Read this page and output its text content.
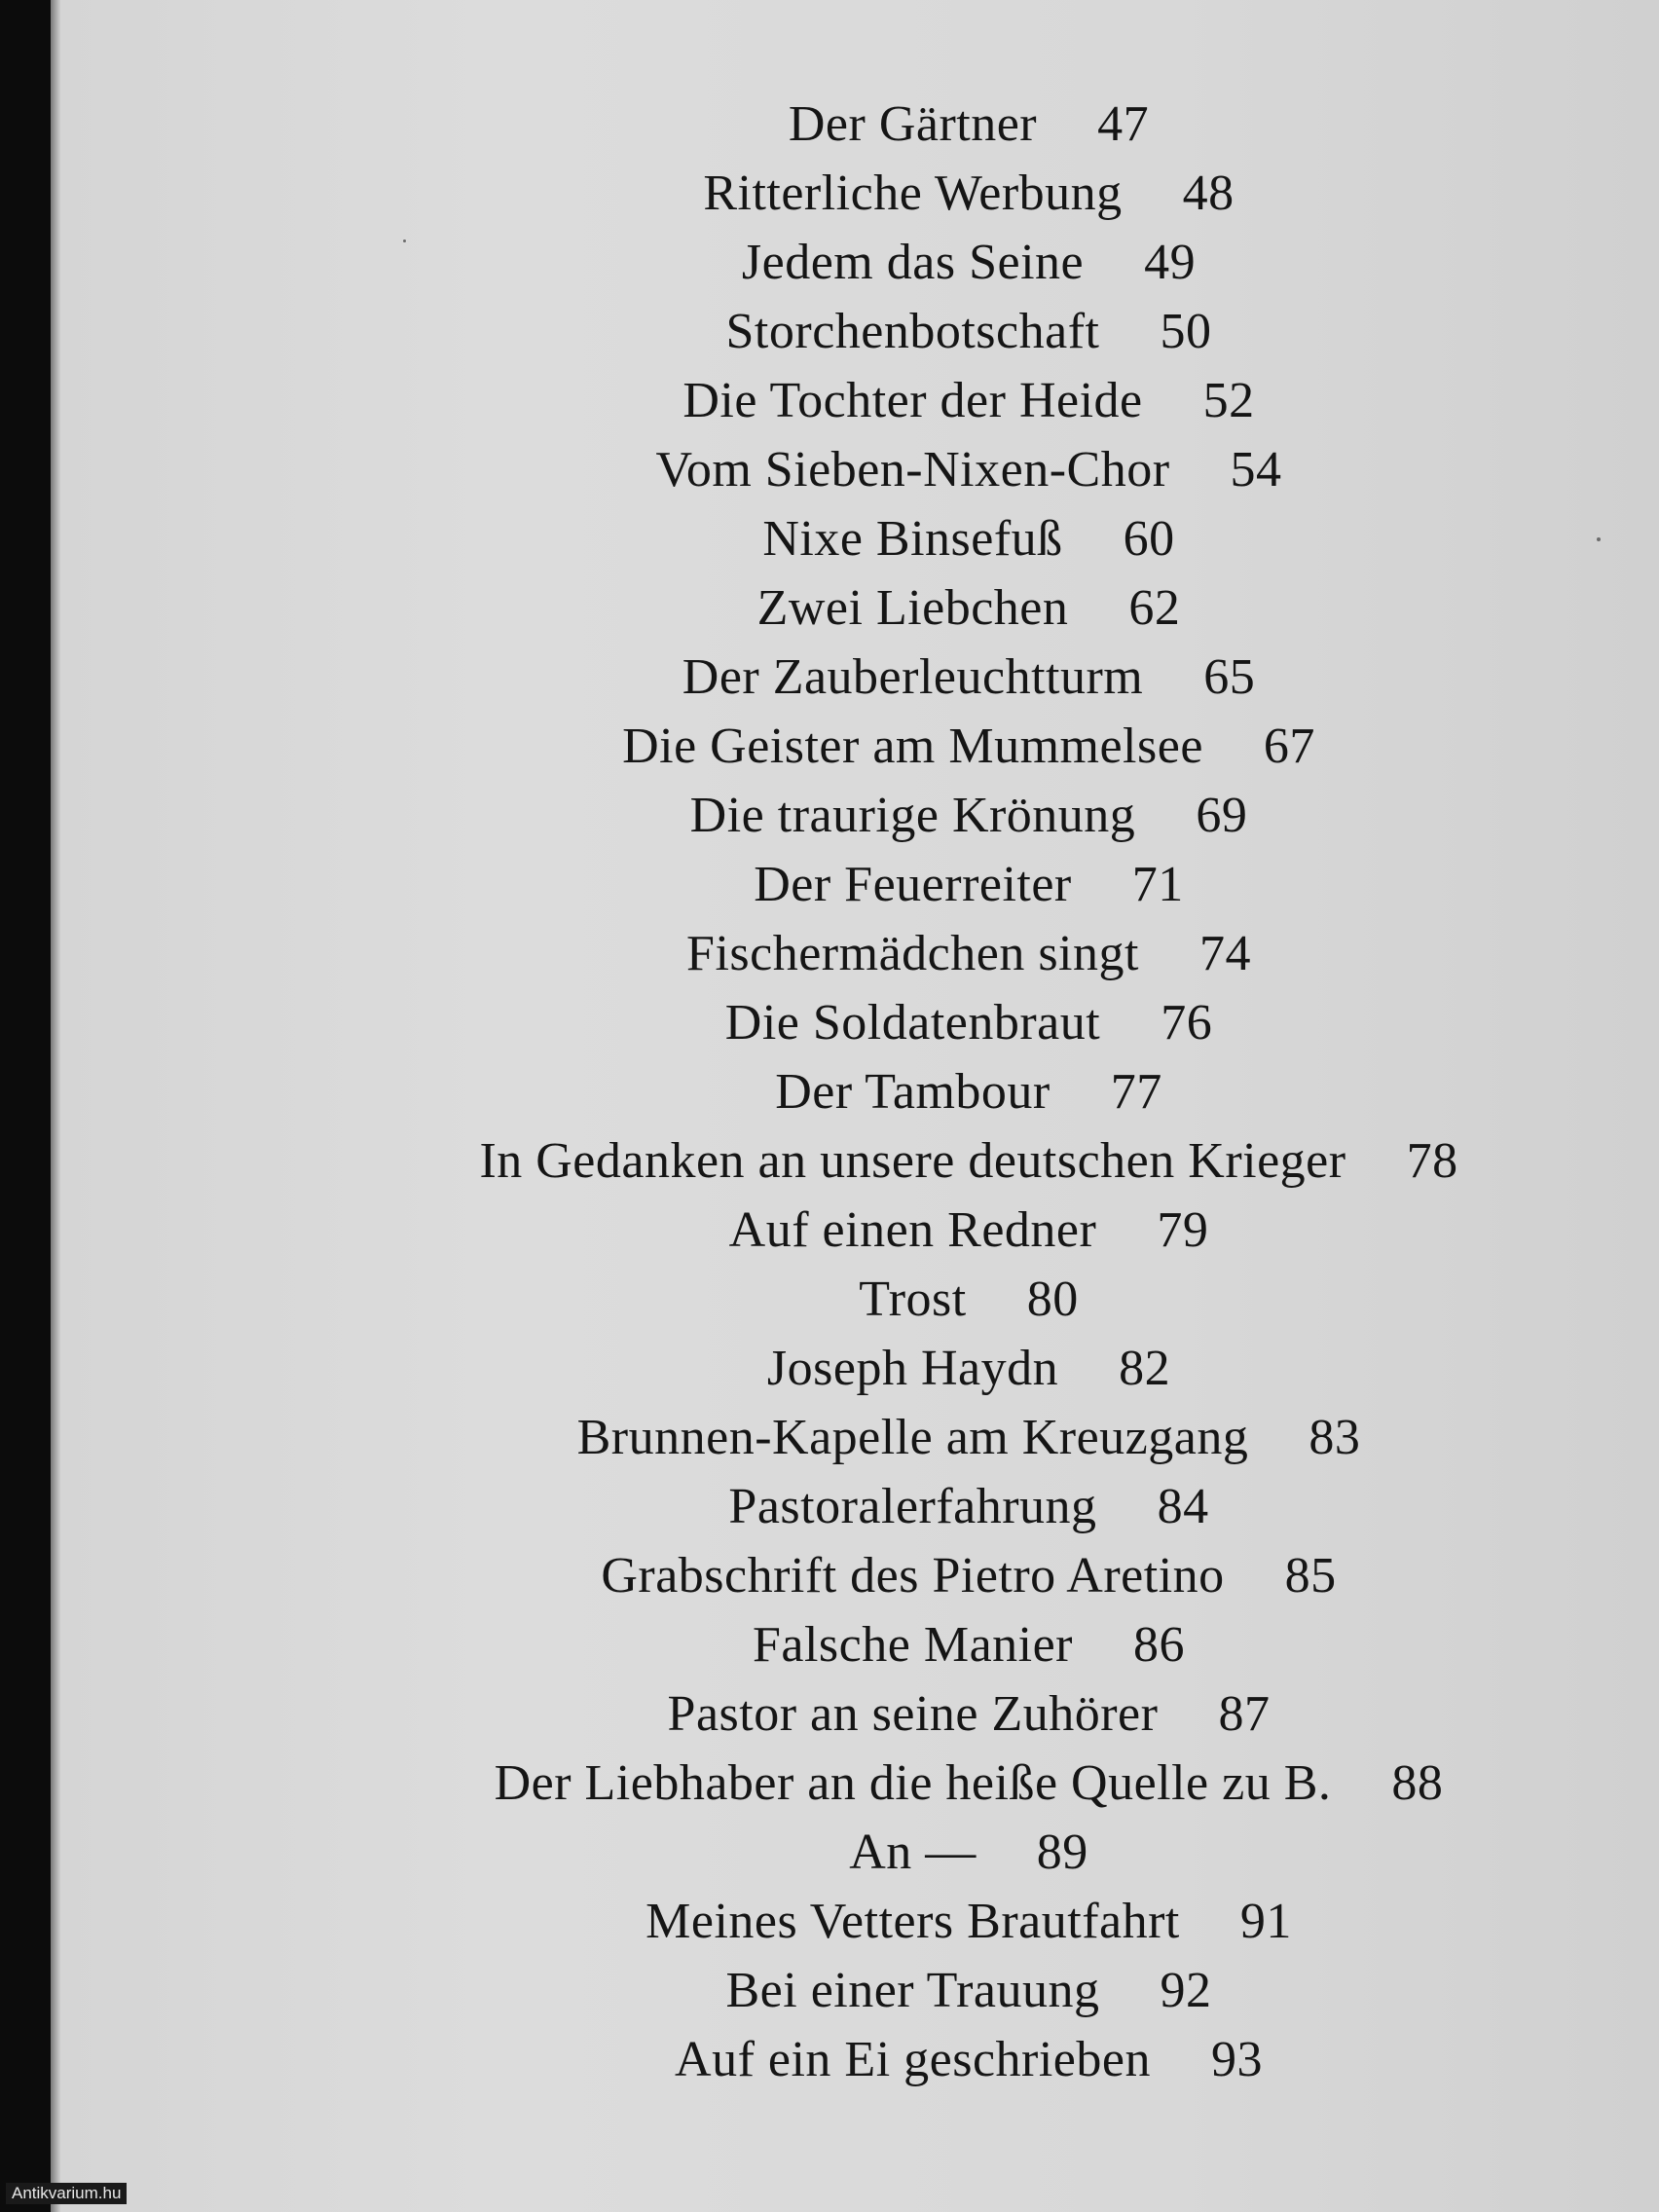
Der Gärtner 47
Ritterliche Werbung 48
Jedem das Seine 49
Storchenbotschaft 50
Die Tochter der Heide 52
Vom Sieben-Nixen-Chor 54
Nixe Binsefuß 60
Zwei Liebchen 62
Der Zauberleuchtturm 65
Die Geister am Mummelsee 67
Die traurige Krönung 69
Der Feuerreiter 71
Fischermädchen singt 74
Die Soldatenbraut 76
Der Tambour 77
In Gedanken an unsere deutschen Krieger 78
Auf einen Redner 79
Trost 80
Joseph Haydn 82
Brunnen-Kapelle am Kreuzgang 83
Pastoralerfahrung 84
Grabschrift des Pietro Aretino 85
Falsche Manier 86
Pastor an seine Zuhörer 87
Der Liebhaber an die heiße Quelle zu B. 88
An — 89
Meines Vetters Brautfahrt 91
Bei einer Trauung 92
Auf ein Ei geschrieben 93
Antikvarium.hu
